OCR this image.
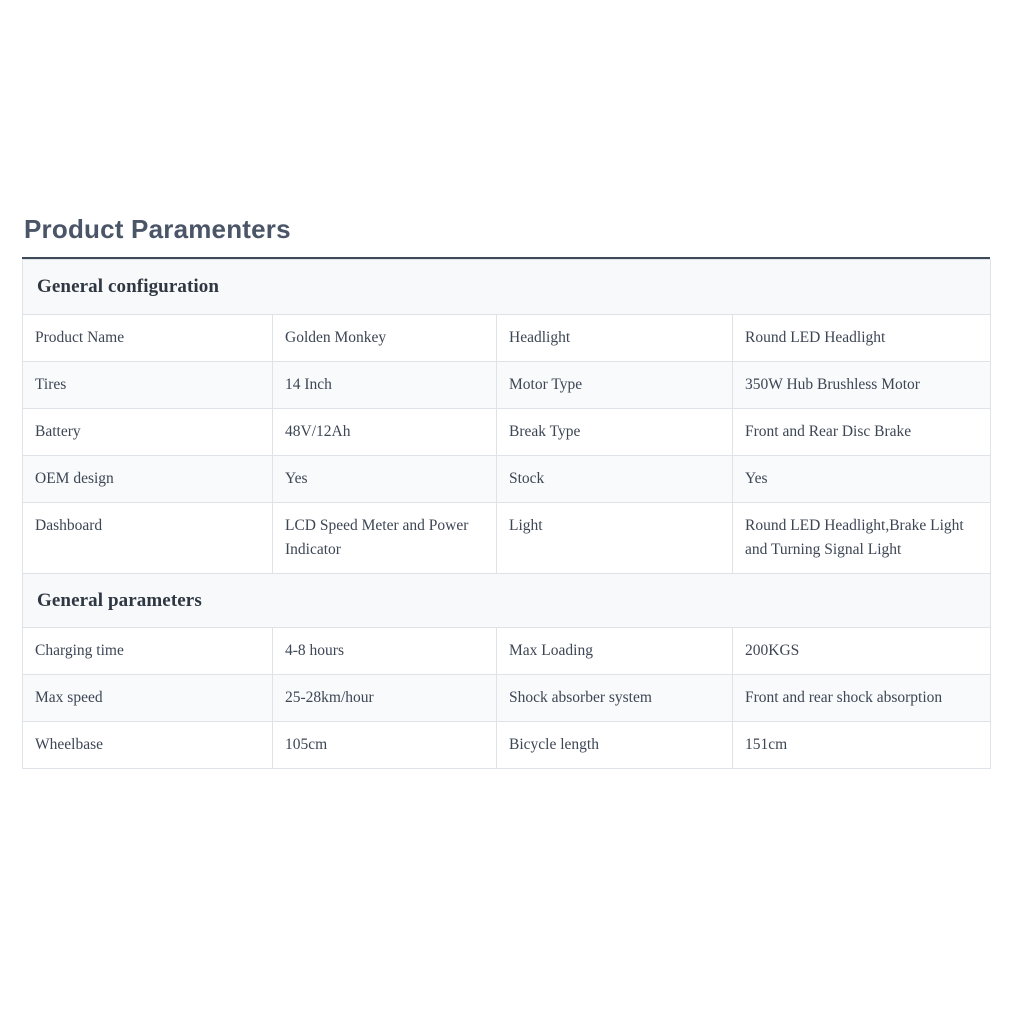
Product Paramenters
General configuration			
Product Name	Golden Monkey	Headlight	Round LED Headlight
Tires	14 Inch	Motor Type	350W Hub Brushless Motor
Battery	48V/12Ah	Break Type	Front and Rear Disc Brake
OEM design	Yes	Stock	Yes
Dashboard	LCD Speed Meter and Power Indicator	Light	Round LED Headlight,Brake Light and Turning Signal Light
General parameters			
Charging time	4-8 hours	Max Loading	200KGS
Max speed	25-28km/hour	Shock absorber system	Front and rear shock absorption
Wheelbase	105cm	Bicycle length	151cm
